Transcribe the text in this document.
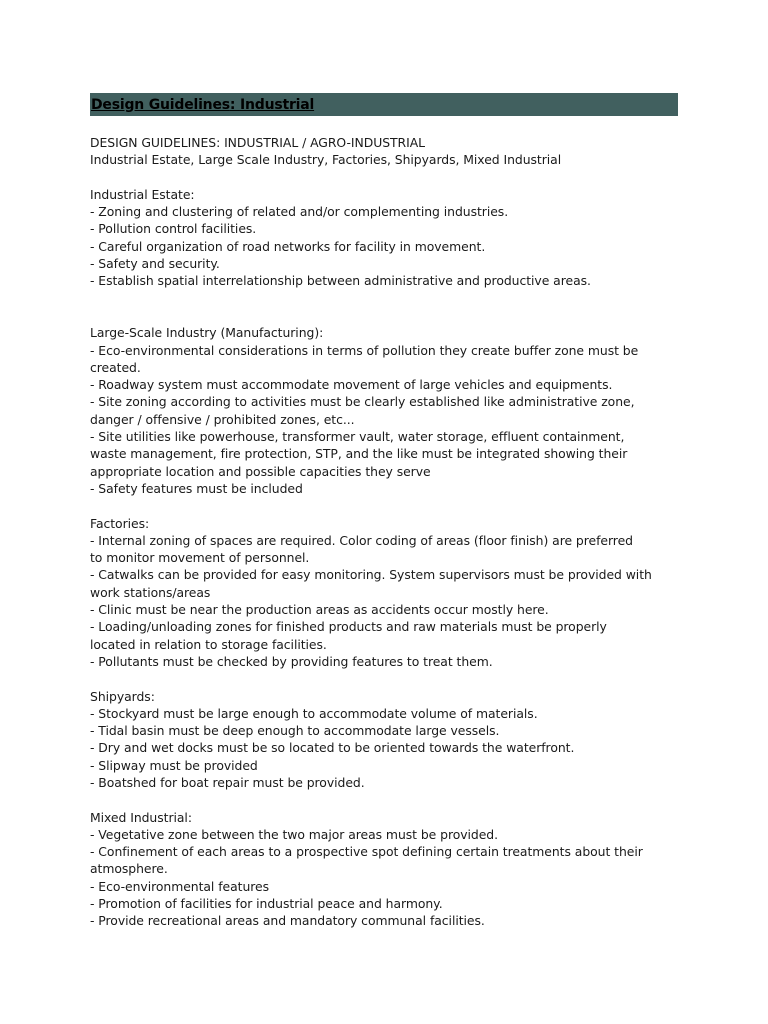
Design Guidelines: Industrial
DESIGN GUIDELINES: INDUSTRIAL / AGRO-INDUSTRIAL
Industrial Estate, Large Scale Industry, Factories, Shipyards, Mixed Industrial
Industrial Estate:
- Zoning and clustering of related and/or complementing industries.
- Pollution control facilities.
- Careful organization of road networks for facility in movement.
- Safety and security.
- Establish spatial interrelationship between administrative and productive areas.
Large-Scale Industry (Manufacturing):
- Eco-environmental considerations in terms of pollution they create buffer zone must be
created.
- Roadway system must accommodate movement of large vehicles and equipments.
- Site zoning according to activities must be clearly established like administrative zone,
danger / offensive / prohibited zones, etc...
- Site utilities like powerhouse, transformer vault, water storage, effluent containment,
waste management, fire protection, STP, and the like must be integrated showing their
appropriate location and possible capacities they serve
- Safety features must be included
Factories:
- Internal zoning of spaces are required. Color coding of areas (floor finish) are preferred
to monitor movement of personnel.
- Catwalks can be provided for easy monitoring. System supervisors must be provided with
work stations/areas
- Clinic must be near the production areas as accidents occur mostly here.
- Loading/unloading zones for finished products and raw materials must be properly
located in relation to storage facilities.
- Pollutants must be checked by providing features to treat them.
Shipyards:
- Stockyard must be large enough to accommodate volume of materials.
- Tidal basin must be deep enough to accommodate large vessels.
- Dry and wet docks must be so located to be oriented towards the waterfront.
- Slipway must be provided
- Boatshed for boat repair must be provided.
Mixed Industrial:
- Vegetative zone between the two major areas must be provided.
- Confinement of each areas to a prospective spot defining certain treatments about their
atmosphere.
- Eco-environmental features
- Promotion of facilities for industrial peace and harmony.
- Provide recreational areas and mandatory communal facilities.
